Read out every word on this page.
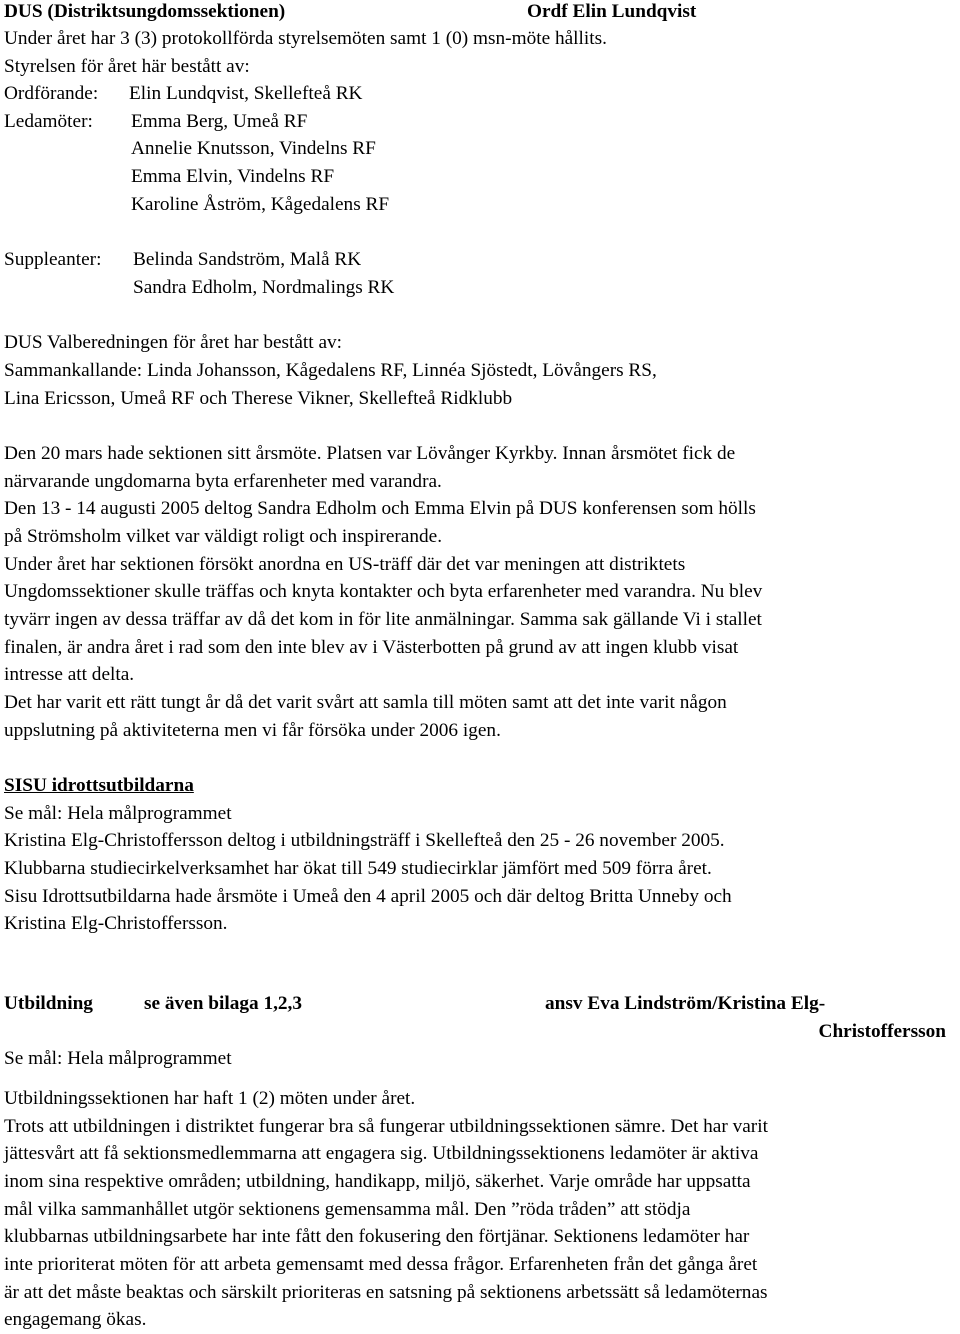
DUS (Distriktsungdomssektionen)	Ordf Elin Lundqvist
Under året har 3 (3) protokollförda styrelsemöten samt 1 (0) msn-möte hållits.
Styrelsen för året här bestått av:
Ordförande: Elin Lundqvist, Skellefteå RK
Ledamöter: Emma Berg, Umeå RF
Annelie Knutsson, Vindelns RF
Emma Elvin, Vindelns RF
Karoline Åström, Kågedalens RF
Suppleanter: Belinda Sandström, Malå RK
Sandra Edholm, Nordmalings RK
DUS Valberedningen för året har bestått av:
Sammankallande: Linda Johansson, Kågedalens RF, Linnéa Sjöstedt, Lövångers RS,
Lina Ericsson, Umeå RF och Therese Vikner, Skellefteå Ridklubb
Den 20 mars hade sektionen sitt årsmöte. Platsen var Lövånger Kyrkby. Innan årsmötet fick de
närvarande ungdomarna byta erfarenheter med varandra.
Den 13 - 14 augusti 2005 deltog Sandra Edholm och Emma Elvin på DUS konferensen som hölls
på Strömsholm vilket var väldigt roligt och inspirerande.
Under året har sektionen försökt anordna en US-träff där det var meningen att distriktets
Ungdomssektioner skulle träffas och knyta kontakter och byta erfarenheter med varandra. Nu blev
tyvärr ingen av dessa träffar av då det kom in för lite anmälningar. Samma sak gällande Vi i stallet
finalen, är andra året i rad som den inte blev av i Västerbotten på grund av att ingen klubb visat
intresse att delta.
Det har varit ett rätt tungt år då det varit svårt att samla till möten samt att det inte varit någon
uppslutning på aktiviteterna men vi får försöka under 2006 igen.
SISU idrottsutbildarna
Se mål: Hela målprogrammet
Kristina Elg-Christoffersson deltog i utbildningsträff i Skellefteå den 25 - 26 november 2005.
Klubbarna studiecirkelverksamhet har ökat till 549 studiecirklar jämfört med 509 förra året.
Sisu Idrottsutbildarna hade årsmöte i Umeå den 4 april 2005 och där deltog Britta Unneby och
Kristina Elg-Christoffersson.
Utbildning	se även bilaga 1,2,3	ansv Eva Lindström/Kristina Elg-
Christoffersson
Se mål: Hela målprogrammet
Utbildningssektionen har haft 1 (2) möten under året.
Trots att utbildningen i distriktet fungerar bra så fungerar utbildningssektionen sämre. Det har varit
jättesvårt att få sektionsmedlemmarna att engagera sig. Utbildningssektionens ledamöter är aktiva
inom sina respektive områden; utbildning, handikapp, miljö, säkerhet. Varje område har uppsatta
mål vilka sammanhållet utgör sektionens gemensamma mål. Den ”röda tråden” att stödja
klubbarnas utbildningsarbete har inte fått den fokusering den förtjänar. Sektionens ledamöter har
inte prioriterat möten för att arbeta gemensamt med dessa frågor. Erfarenheten från det gånga året
är att det måste beaktas och särskilt prioriteras en satsning på sektionens arbetssätt så ledamöternas
engagemang ökas.
